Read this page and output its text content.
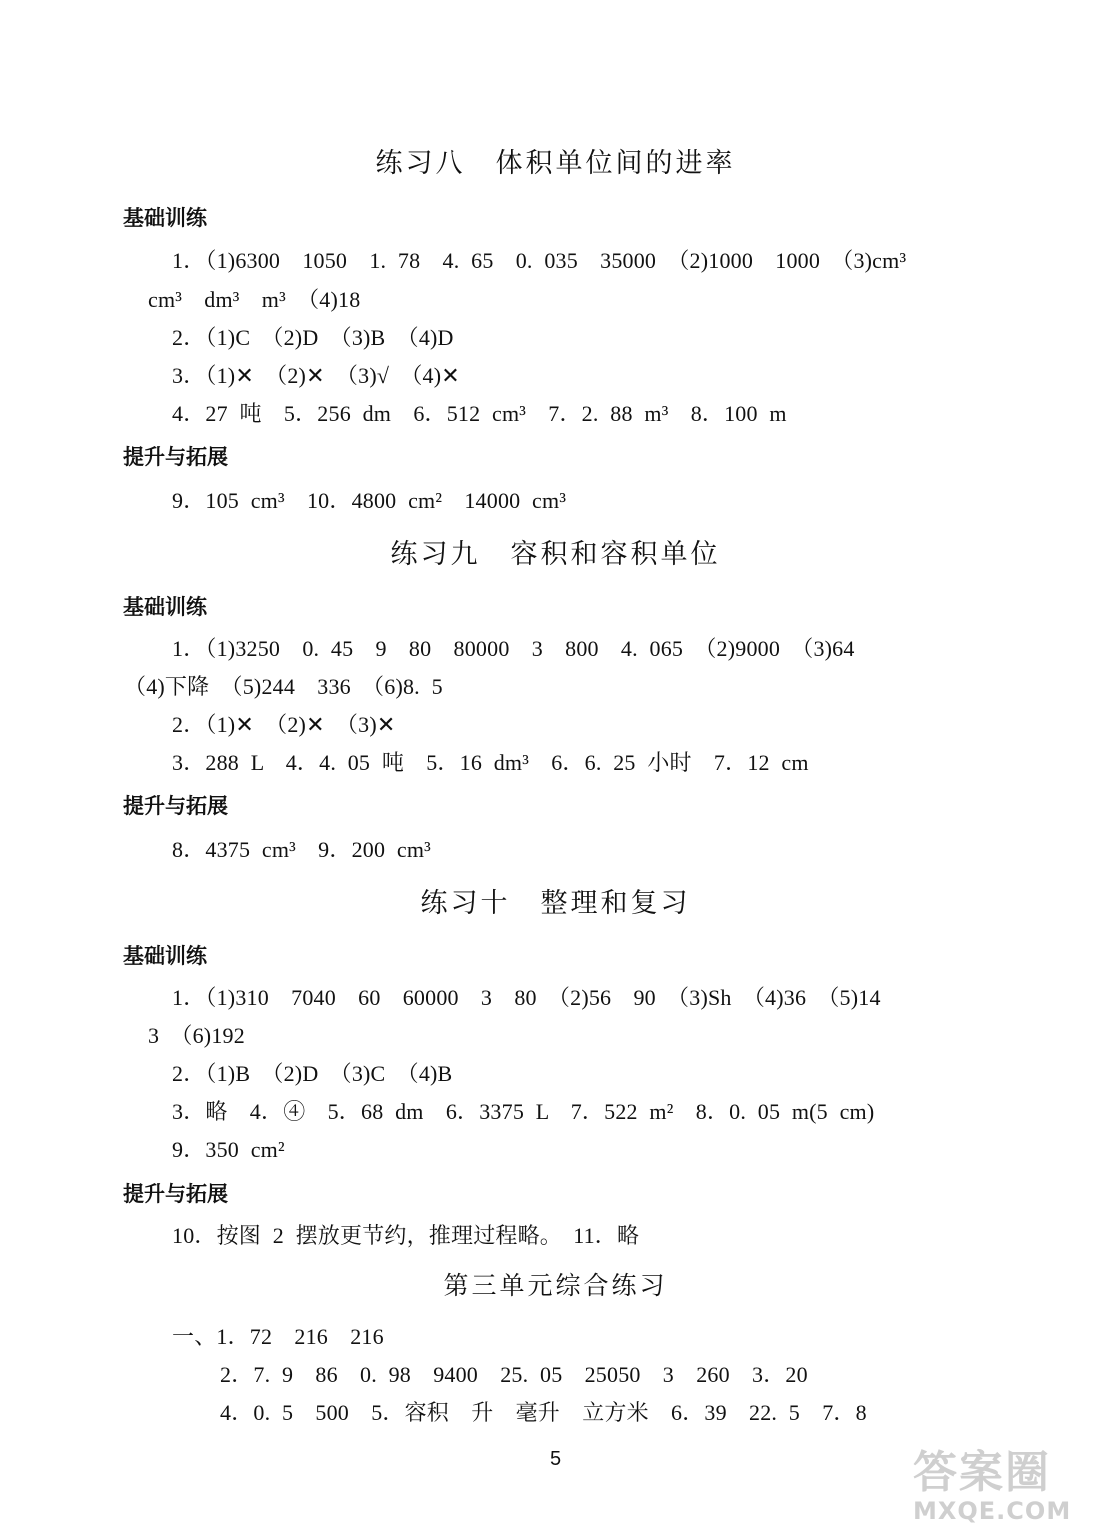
练习八　体积单位间的进率
基础训练
1．（1)6300　1050　1. 78　4. 65　0. 035　35000　（2)1000　1000　（3)cm³
cm³　dm³　m³　（4)18
2．（1)C　（2)D　（3)B　（4)D
3．（1)✕　（2)✕　（3)√　（4)✕
4．27 吨　5．256 dm　6．512 cm³　7．2. 88 m³　8．100 m
提升与拓展
9．105 cm³　10．4800 cm²　14000 cm³
练习九　容积和容积单位
基础训练
1．（1)3250　0. 45　9　80　80000　3　800　4. 065　（2)9000　（3)64
（4)下降　（5)244　336　（6)8. 5
2．（1)✕　（2)✕　（3)✕
3．288 L　4．4. 05 吨　5．16 dm³　6．6. 25 小时　7．12 cm
提升与拓展
8．4375 cm³　9．200 cm³
练习十　整理和复习
基础训练
1．（1)310　7040　60　60000　3　80　（2)56　90　（3)Sh　（4)36　（5)14
3　（6)192
2．（1)B　（2)D　（3)C　（4)B
3．略　4．④　5．68 dm　6．3375 L　7．522 m²　8．0. 05 m(5 cm)
9．350 cm²
提升与拓展
10．按图 2 摆放更节约，推理过程略。　11．略
第三单元综合练习
一、1．72　216　216
2．7. 9　86　0. 98　9400　25. 05　25050　3　260　3．20
4．0. 5　500　5．容积　升　毫升　立方米　6．39　22. 5　7．8
5	答案圈
MXQE.COM
